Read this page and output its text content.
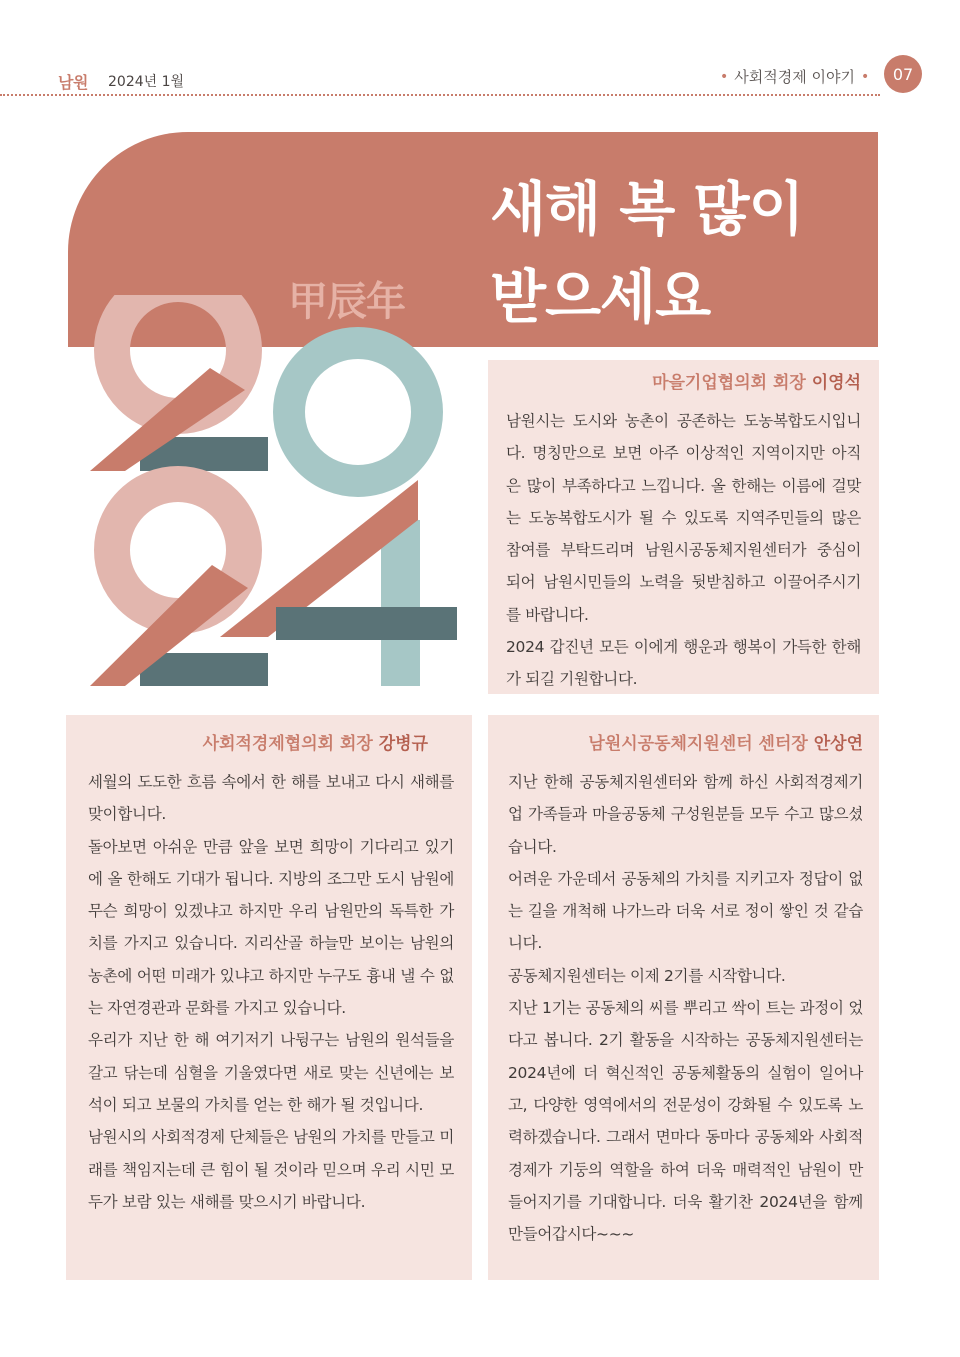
남원 2024년 1월	• 사회적경제 이야기 •	07
새해 복 많이
받으세요
甲辰年
마을기업협의회 회장 이영석

남원시는 도시와 농촌이 공존하는 도농복합도시입니다. 명칭만으로 보면 아주 이상적인 지역이지만 아직은 많이 부족하다고 느낍니다. 올 한해는 이름에 걸맞는 도농복합도시가 될 수 있도록 지역주민들의 많은 참여를 부탁드리며 남원시공동체지원센터가 중심이 되어 남원시민들의 노력을 뒷받침하고 이끌어주시기를 바랍니다.

2024 갑진년 모든 이에게 행운과 행복이 가득한 한해가 되길 기원합니다.

사회적경제협의회 회장 강병규

세월의 도도한 흐름 속에서 한 해를 보내고 다시 새해를 맞이합니다.

돌아보면 아쉬운 만큼 앞을 보면 희망이 기다리고 있기에 올 한해도 기대가 됩니다. 지방의 조그만 도시 남원에 무슨 희망이 있겠냐고 하지만 우리 남원만의 독특한 가치를 가지고 있습니다. 지리산골 하늘만 보이는 남원의 농촌에 어떤 미래가 있냐고 하지만 누구도 흉내 낼 수 없는 자연경관과 문화를 가지고 있습니다.

우리가 지난 한 해 여기저기 나뒹구는 남원의 원석들을 갈고 닦는데 심혈을 기울였다면 새로 맞는 신년에는 보석이 되고 보물의 가치를 얻는 한 해가 될 것입니다.

남원시의 사회적경제 단체들은 남원의 가치를 만들고 미래를 책임지는데 큰 힘이 될 것이라 믿으며 우리 시민 모두가 보람 있는 새해를 맞으시기 바랍니다.

남원시공동체지원센터 센터장 안상연

지난 한해 공동체지원센터와 함께 하신 사회적경제기업 가족들과 마을공동체 구성원분들 모두 수고 많으셨습니다.

어려운 가운데서 공동체의 가치를 지키고자 정답이 없는 길을 개척해 나가느라 더욱 서로 정이 쌓인 것 같습니다.

공동체지원센터는 이제 2기를 시작합니다.

지난 1기는 공동체의 씨를 뿌리고 싹이 트는 과정이 었다고 봅니다. 2기 활동을 시작하는 공동체지원센터는 2024년에 더 혁신적인 공동체활동의 실험이 일어나고, 다양한 영역에서의 전문성이 강화될 수 있도록 노력하겠습니다. 그래서 면마다 동마다 공동체와 사회적경제가 기둥의 역할을 하여 더욱 매력적인 남원이 만들어지기를 기대합니다. 더욱 활기찬 2024년을 함께 만들어갑시다~~~
